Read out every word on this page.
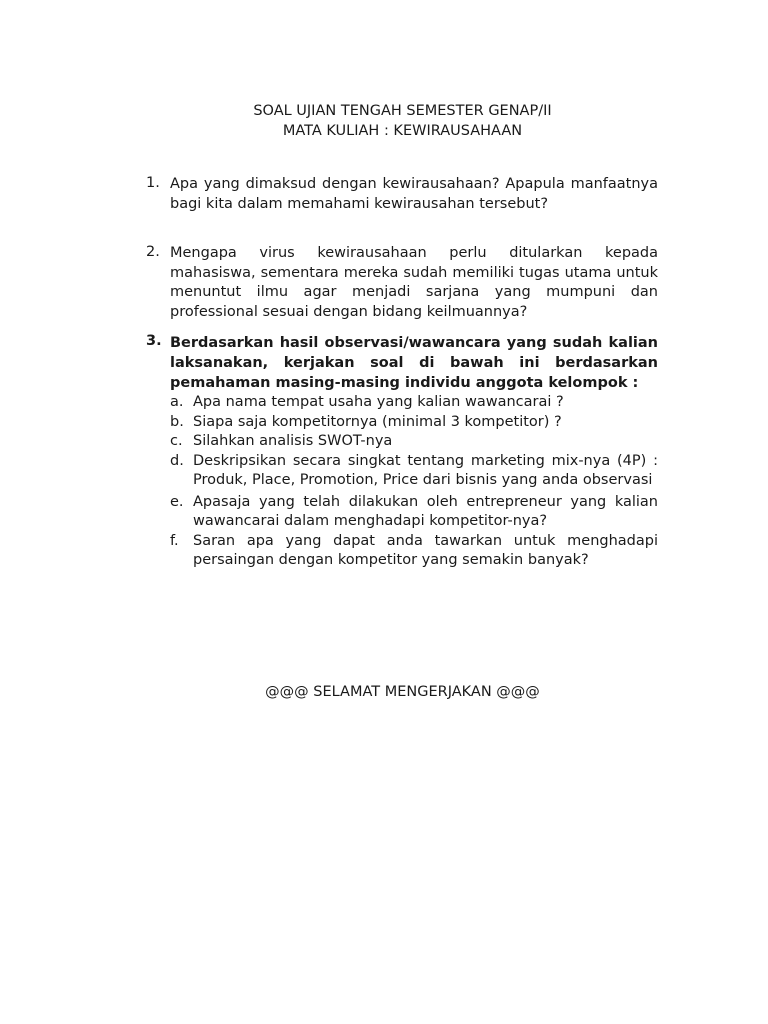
SOAL UJIAN TENGAH SEMESTER GENAP/II
MATA KULIAH : KEWIRAUSAHAAN
1. Apa yang dimaksud dengan kewirausahaan? Apapula manfaatnya bagi kita dalam memahami kewirausahan tersebut?
2. Mengapa virus kewirausahaan perlu ditularkan kepada mahasiswa, sementara mereka sudah memiliki tugas utama untuk menuntut ilmu agar menjadi sarjana yang mumpuni dan professional sesuai dengan bidang keilmuannya?
3. Berdasarkan hasil observasi/wawancara yang sudah kalian laksanakan, kerjakan soal di bawah ini berdasarkan pemahaman masing-masing individu anggota kelompok :
a. Apa nama tempat usaha yang kalian wawancarai ?
b. Siapa saja kompetitornya (minimal 3 kompetitor) ?
c. Silahkan analisis SWOT-nya
d. Deskripsikan secara singkat tentang marketing mix-nya (4P) : Produk, Place, Promotion, Price dari bisnis yang anda observasi
e. Apasaja yang telah dilakukan oleh entrepreneur yang kalian wawancarai dalam menghadapi kompetitor-nya?
f. Saran apa yang dapat anda tawarkan untuk menghadapi persaingan dengan kompetitor yang semakin banyak?
@@@ SELAMAT MENGERJAKAN @@@
